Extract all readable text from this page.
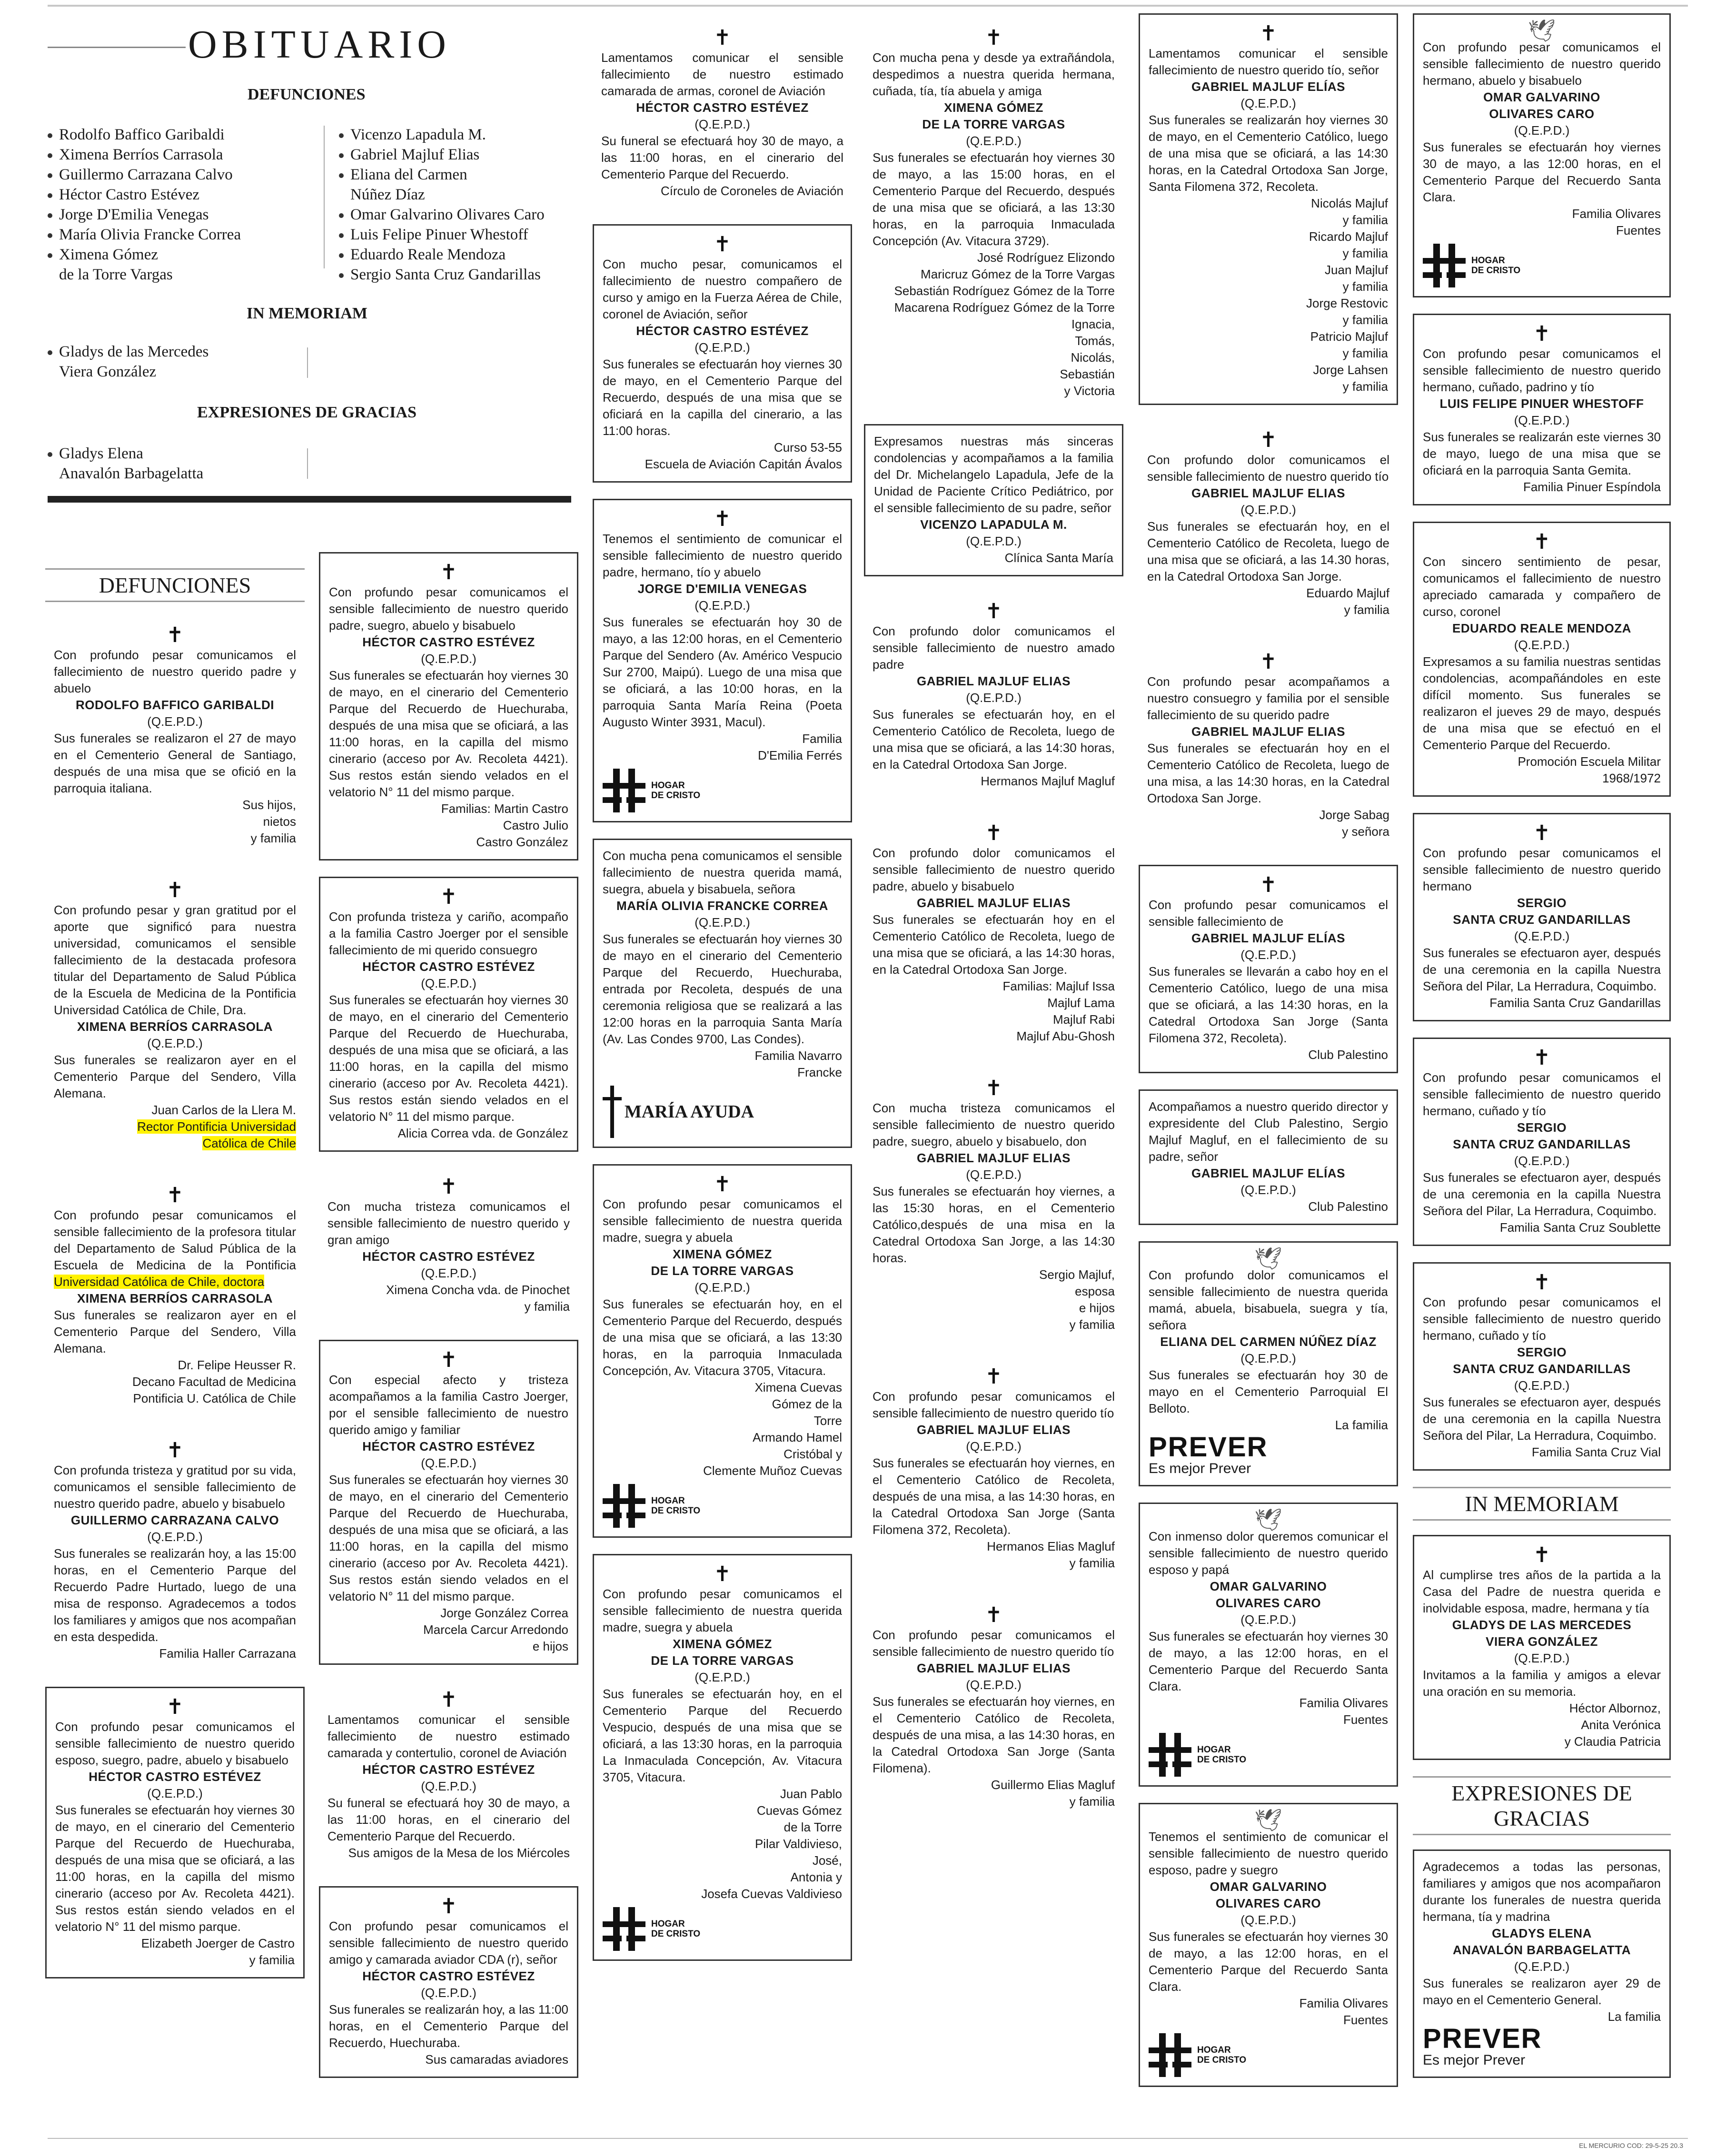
OBITUARIO
DEFUNCIONES
Rodolfo Baffico Garibaldi
Ximena Berríos Carrasola
Guillermo Carrazana Calvo
Héctor Castro Estévez
Jorge D'Emilia Venegas
María Olivia Francke Correa
Ximena Gómez
de la Torre Vargas
Vicenzo Lapadula M.
Gabriel Majluf Elias
Eliana del Carmen
Núñez Díaz
Omar Galvarino Olivares Caro
Luis Felipe Pinuer Whestoff
Eduardo Reale Mendoza
Sergio Santa Cruz Gandarillas
IN MEMORIAM
Gladys de las Mercedes
Viera González
EXPRESIONES DE GRACIAS
Gladys Elena
Anavalón Barbagelatta
DEFUNCIONES
✝
Con profundo pesar comunicamos el fallecimiento de nuestro querido padre y abuelo
RODOLFO BAFFICO GARIBALDI
(Q.E.P.D.)
Sus funerales se realizaron el 27 de mayo en el Cementerio General de Santiago, después de una misa que se ofició en la parroquia italiana.
Sus hijos,
nietos
y familia
✝
Con profundo pesar y gran gratitud por el aporte que significó para nuestra universidad, comunicamos el sensible fallecimiento de la destacada profesora titular del Departamento de Salud Pública de la Escuela de Medicina de la Pontificia Universidad Católica de Chile, Dra.
XIMENA BERRÍOS CARRASOLA
(Q.E.P.D.)
Sus funerales se realizaron ayer en el Cementerio Parque del Sendero, Villa Alemana.
Juan Carlos de la Llera M.
Rector Pontificia Universidad
Católica de Chile
✝
Con profundo pesar comunicamos el sensible fallecimiento de la profesora titular del Departamento de Salud Pública de la Escuela de Medicina de la Pontificia Universidad Católica de Chile, doctora
XIMENA BERRÍOS CARRASOLA
Sus funerales se realizaron ayer en el Cementerio Parque del Sendero, Villa Alemana.
Dr. Felipe Heusser R.
Decano Facultad de Medicina
Pontificia U. Católica de Chile
✝
Con profunda tristeza y gratitud por su vida, comunicamos el sensible fallecimiento de nuestro querido padre, abuelo y bisabuelo
GUILLERMO CARRAZANA CALVO
(Q.E.P.D.)
Sus funerales se realizarán hoy, a las 15:00 horas, en el Cementerio Parque del Recuerdo Padre Hurtado, luego de una misa de responso. Agradecemos a todos los familiares y amigos que nos acompañan en esta despedida.
Familia Haller Carrazana
✝
Con profundo pesar comunicamos el sensible fallecimiento de nuestro querido esposo, suegro, padre, abuelo y bisabuelo
HÉCTOR CASTRO ESTÉVEZ
(Q.E.P.D.)
Sus funerales se efectuarán hoy viernes 30 de mayo, en el cinerario del Cementerio Parque del Recuerdo de Huechuraba, después de una misa que se oficiará, a las 11:00 horas, en la capilla del mismo cinerario (acceso por Av. Recoleta 4421). Sus restos están siendo velados en el velatorio N° 11 del mismo parque.
Elizabeth Joerger de Castro
y familia
✝
Con profundo pesar comunicamos el sensible fallecimiento de nuestro querido padre, suegro, abuelo y bisabuelo
HÉCTOR CASTRO ESTÉVEZ
(Q.E.P.D.)
Sus funerales se efectuarán hoy viernes 30 de mayo, en el cinerario del Cementerio Parque del Recuerdo de Huechuraba, después de una misa que se oficiará, a las 11:00 horas, en la capilla del mismo cinerario (acceso por Av. Recoleta 4421). Sus restos están siendo velados en el velatorio N° 11 del mismo parque.
Familias: Martin Castro
Castro Julio
Castro González
✝
Con profunda tristeza y cariño, acompaño a la familia Castro Joerger por el sensible fallecimiento de mi querido consuegro
HÉCTOR CASTRO ESTÉVEZ
(Q.E.P.D.)
Sus funerales se efectuarán hoy viernes 30 de mayo, en el cinerario del Cementerio Parque del Recuerdo de Huechuraba, después de una misa que se oficiará, a las 11:00 horas, en la capilla del mismo cinerario (acceso por Av. Recoleta 4421). Sus restos están siendo velados en el velatorio N° 11 del mismo parque.
Alicia Correa vda. de González
✝
Con mucha tristeza comunicamos el sensible fallecimiento de nuestro querido y gran amigo
HÉCTOR CASTRO ESTÉVEZ
(Q.E.P.D.)
Ximena Concha vda. de Pinochet
y familia
✝
Con especial afecto y tristeza acompañamos a la familia Castro Joerger, por el sensible fallecimiento de nuestro querido amigo y familiar
HÉCTOR CASTRO ESTÉVEZ
(Q.E.P.D.)
Sus funerales se efectuarán hoy viernes 30 de mayo, en el cinerario del Cementerio Parque del Recuerdo de Huechuraba, después de una misa que se oficiará, a las 11:00 horas, en la capilla del mismo cinerario (acceso por Av. Recoleta 4421). Sus restos están siendo velados en el velatorio N° 11 del mismo parque.
Jorge González Correa
Marcela Carcur Arredondo
e hijos
✝
Lamentamos comunicar el sensible fallecimiento de nuestro estimado camarada y contertulio, coronel de Aviación
HÉCTOR CASTRO ESTÉVEZ
(Q.E.P.D.)
Su funeral se efectuará hoy 30 de mayo, a las 11:00 horas, en el cinerario del Cementerio Parque del Recuerdo.
Sus amigos de la Mesa de los Miércoles
✝
Con profundo pesar comunicamos el sensible fallecimiento de nuestro querido amigo y camarada aviador CDA (r), señor
HÉCTOR CASTRO ESTÉVEZ
(Q.E.P.D.)
Sus funerales se realizarán hoy, a las 11:00 horas, en el Cementerio Parque del Recuerdo, Huechuraba.
Sus camaradas aviadores
✝
Lamentamos comunicar el sensible fallecimiento de nuestro estimado camarada de armas, coronel de Aviación
HÉCTOR CASTRO ESTÉVEZ
(Q.E.P.D.)
Su funeral se efectuará hoy 30 de mayo, a las 11:00 horas, en el cinerario del Cementerio Parque del Recuerdo.
Círculo de Coroneles de Aviación
✝
Con mucho pesar, comunicamos el fallecimiento de nuestro compañero de curso y amigo en la Fuerza Aérea de Chile, coronel de Aviación, señor
HÉCTOR CASTRO ESTÉVEZ
(Q.E.P.D.)
Sus funerales se efectuarán hoy viernes 30 de mayo, en el Cementerio Parque del Recuerdo, después de una misa que se oficiará en la capilla del cinerario, a las 11:00 horas.
Curso 53-55
Escuela de Aviación Capitán Ávalos
✝
Tenemos el sentimiento de comunicar el sensible fallecimiento de nuestro querido padre, hermano, tío y abuelo
JORGE D'EMILIA VENEGAS
(Q.E.P.D.)
Sus funerales se efectuarán hoy 30 de mayo, a las 12:00 horas, en el Cementerio Parque del Sendero (Av. Américo Vespucio Sur 2700, Maipú). Luego de una misa que se oficiará, a las 10:00 horas, en la parroquia Santa María Reina (Poeta Augusto Winter 3931, Macul).
Familia
D'Emilia Ferrés
HOGAR
DE CRISTO
Con mucha pena comunicamos el sensible fallecimiento de nuestra querida mamá, suegra, abuela y bisabuela, señora
MARÍA OLIVIA FRANCKE CORREA
(Q.E.P.D.)
Sus funerales se efectuarán hoy viernes 30 de mayo en el cinerario del Cementerio Parque del Recuerdo, Huechuraba, entrada por Recoleta, después de una ceremonia religiosa que se realizará a las 12:00 horas en la parroquia Santa María (Av. Las Condes 9700, Las Condes).
Familia Navarro
Francke
MARÍA AYUDA
✝
Con profundo pesar comunicamos el sensible fallecimiento de nuestra querida madre, suegra y abuela
XIMENA GÓMEZ
DE LA TORRE VARGAS
(Q.E.P.D.)
Sus funerales se efectuarán hoy, en el Cementerio Parque del Recuerdo, después de una misa que se oficiará, a las 13:30 horas, en la parroquia Inmaculada Concepción, Av. Vitacura 3705, Vitacura.
Ximena Cuevas
Gómez de la
Torre
Armando Hamel
Cristóbal y
Clemente Muñoz Cuevas
HOGAR
DE CRISTO
✝
Con profundo pesar comunicamos el sensible fallecimiento de nuestra querida madre, suegra y abuela
XIMENA GÓMEZ
DE LA TORRE VARGAS
(Q.E.P.D.)
Sus funerales se efectuarán hoy, en el Cementerio Parque del Recuerdo Vespucio, después de una misa que se oficiará, a las 13:30 horas, en la parroquia La Inmaculada Concepción, Av. Vitacura 3705, Vitacura.
Juan Pablo
Cuevas Gómez
de la Torre
Pilar Valdivieso,
José,
Antonia y
Josefa Cuevas Valdivieso
HOGAR
DE CRISTO
✝
Con mucha pena y desde ya extrañándola, despedimos a nuestra querida hermana, cuñada, tía, tía abuela y amiga
XIMENA GÓMEZ
DE LA TORRE VARGAS
(Q.E.P.D.)
Sus funerales se efectuarán hoy viernes 30 de mayo, a las 15:00 horas, en el Cementerio Parque del Recuerdo, después de una misa que se oficiará, a las 13:30 horas, en la parroquia Inmaculada Concepción (Av. Vitacura 3729).
José Rodríguez Elizondo
Maricruz Gómez de la Torre Vargas
Sebastián Rodríguez Gómez de la Torre
Macarena Rodríguez Gómez de la Torre
Ignacia,
Tomás,
Nicolás,
Sebastián
y Victoria
Expresamos nuestras más sinceras condolencias y acompañamos a la familia del Dr. Michelangelo Lapadula, Jefe de la Unidad de Paciente Crítico Pediátrico, por el sensible fallecimiento de su padre, señor
VICENZO LAPADULA M.
(Q.E.P.D.)
Clínica Santa María
✝
Con profundo dolor comunicamos el sensible fallecimiento de nuestro amado padre
GABRIEL MAJLUF ELIAS
(Q.E.P.D.)
Sus funerales se efectuarán hoy, en el Cementerio Católico de Recoleta, luego de una misa que se oficiará, a las 14:30 horas, en la Catedral Ortodoxa San Jorge.
Hermanos Majluf Magluf
✝
Con profundo dolor comunicamos el sensible fallecimiento de nuestro querido padre, abuelo y bisabuelo
GABRIEL MAJLUF ELIAS
Sus funerales se efectuarán hoy en el Cementerio Católico de Recoleta, luego de una misa que se oficiará, a las 14:30 horas, en la Catedral Ortodoxa San Jorge.
Familias: Majluf Issa
Majluf Lama
Majluf Rabi
Majluf Abu-Ghosh
✝
Con mucha tristeza comunicamos el sensible fallecimiento de nuestro querido padre, suegro, abuelo y bisabuelo, don
GABRIEL MAJLUF ELIAS
(Q.E.P.D.)
Sus funerales se efectuarán hoy viernes, a las 15:30 horas, en el Cementerio Católico,después de una misa en la Catedral Ortodoxa San Jorge, a las 14:30 horas.
Sergio Majluf,
esposa
e hijos
y familia
✝
Con profundo pesar comunicamos el sensible fallecimiento de nuestro querido tío
GABRIEL MAJLUF ELIAS
(Q.E.P.D.)
Sus funerales se efectuarán hoy viernes, en el Cementerio Católico de Recoleta, después de una misa, a las 14:30 horas, en la Catedral Ortodoxa San Jorge (Santa Filomena 372, Recoleta).
Hermanos Elias Magluf
y familia
✝
Con profundo pesar comunicamos el sensible fallecimiento de nuestro querido tío
GABRIEL MAJLUF ELIAS
(Q.E.P.D.)
Sus funerales se efectuarán hoy viernes, en el Cementerio Católico de Recoleta, después de una misa, a las 14:30 horas, en la Catedral Ortodoxa San Jorge (Santa Filomena).
Guillermo Elias Magluf
y familia
✝
Lamentamos comunicar el sensible fallecimiento de nuestro querido tío, señor
GABRIEL MAJLUF ELÍAS
(Q.E.P.D.)
Sus funerales se realizarán hoy viernes 30 de mayo, en el Cementerio Católico, luego de una misa que se oficiará, a las 14:30 horas, en la Catedral Ortodoxa San Jorge, Santa Filomena 372, Recoleta.
Nicolás Majluf
y familia
Ricardo Majluf
y familia
Juan Majluf
y familia
Jorge Restovic
y familia
Patricio Majluf
y familia
Jorge Lahsen
y familia
✝
Con profundo dolor comunicamos el sensible fallecimiento de nuestro querido tío
GABRIEL MAJLUF ELIAS
(Q.E.P.D.)
Sus funerales se efectuarán hoy, en el Cementerio Católico de Recoleta, luego de una misa que se oficiará, a las 14.30 horas, en la Catedral Ortodoxa San Jorge.
Eduardo Majluf
y familia
✝
Con profundo pesar acompañamos a nuestro consuegro y familia por el sensible fallecimiento de su querido padre
GABRIEL MAJLUF ELIAS
Sus funerales se efectuarán hoy en el Cementerio Católico de Recoleta, luego de una misa, a las 14:30 horas, en la Catedral Ortodoxa San Jorge.
Jorge Sabag
y señora
✝
Con profundo pesar comunicamos el sensible fallecimiento de
GABRIEL MAJLUF ELÍAS
(Q.E.P.D.)
Sus funerales se llevarán a cabo hoy en el Cementerio Católico, luego de una misa que se oficiará, a las 14:30 horas, en la Catedral Ortodoxa San Jorge (Santa Filomena 372, Recoleta).
Club Palestino
Acompañamos a nuestro querido director y expresidente del Club Palestino, Sergio Majluf Magluf, en el fallecimiento de su padre, señor
GABRIEL MAJLUF ELÍAS
(Q.E.P.D.)
Club Palestino
🕊
Con profundo dolor comunicamos el sensible fallecimiento de nuestra querida mamá, abuela, bisabuela, suegra y tía, señora
ELIANA DEL CARMEN NÚÑEZ DÍAZ
(Q.E.P.D.)
Sus funerales se efectuarán hoy 30 de mayo en el Cementerio Parroquial El Belloto.
La familia
PREVER
Es mejor Prever
🕊
Con inmenso dolor queremos comunicar el sensible fallecimiento de nuestro querido esposo y papá
OMAR GALVARINO
OLIVARES CARO
(Q.E.P.D.)
Sus funerales se efectuarán hoy viernes 30 de mayo, a las 12:00 horas, en el Cementerio Parque del Recuerdo Santa Clara.
Familia Olivares
Fuentes
HOGAR
DE CRISTO
🕊
Tenemos el sentimiento de comunicar el sensible fallecimiento de nuestro querido esposo, padre y suegro
OMAR GALVARINO
OLIVARES CARO
(Q.E.P.D.)
Sus funerales se efectuarán hoy viernes 30 de mayo, a las 12:00 horas, en el Cementerio Parque del Recuerdo Santa Clara.
Familia Olivares
Fuentes
HOGAR
DE CRISTO
🕊
Con profundo pesar comunicamos el sensible fallecimiento de nuestro querido hermano, abuelo y bisabuelo
OMAR GALVARINO
OLIVARES CARO
(Q.E.P.D.)
Sus funerales se efectuarán hoy viernes 30 de mayo, a las 12:00 horas, en el Cementerio Parque del Recuerdo Santa Clara.
Familia Olivares
Fuentes
HOGAR
DE CRISTO
✝
Con profundo pesar comunicamos el sensible fallecimiento de nuestro querido hermano, cuñado, padrino y tío
LUIS FELIPE PINUER WHESTOFF
(Q.E.P.D.)
Sus funerales se realizarán este viernes 30 de mayo, luego de una misa que se oficiará en la parroquia Santa Gemita.
Familia Pinuer Espíndola
✝
Con sincero sentimiento de pesar, comunicamos el fallecimiento de nuestro apreciado camarada y compañero de curso, coronel
EDUARDO REALE MENDOZA
(Q.E.P.D.)
Expresamos a su familia nuestras sentidas condolencias, acompañándoles en este difícil momento. Sus funerales se realizaron el jueves 29 de mayo, después de una misa que se efectuó en el Cementerio Parque del Recuerdo.
Promoción Escuela Militar
1968/1972
✝
Con profundo pesar comunicamos el sensible fallecimiento de nuestro querido hermano
SERGIO
SANTA CRUZ GANDARILLAS
(Q.E.P.D.)
Sus funerales se efectuaron ayer, después de una ceremonia en la capilla Nuestra Señora del Pilar, La Herradura, Coquimbo.
Familia Santa Cruz Gandarillas
✝
Con profundo pesar comunicamos el sensible fallecimiento de nuestro querido hermano, cuñado y tío
SERGIO
SANTA CRUZ GANDARILLAS
(Q.E.P.D.)
Sus funerales se efectuaron ayer, después de una ceremonia en la capilla Nuestra Señora del Pilar, La Herradura, Coquimbo.
Familia Santa Cruz Soublette
✝
Con profundo pesar comunicamos el sensible fallecimiento de nuestro querido hermano, cuñado y tío
SERGIO
SANTA CRUZ GANDARILLAS
(Q.E.P.D.)
Sus funerales se efectuaron ayer, después de una ceremonia en la capilla Nuestra Señora del Pilar, La Herradura, Coquimbo.
Familia Santa Cruz Vial
IN MEMORIAM
✝
Al cumplirse tres años de la partida a la Casa del Padre de nuestra querida e inolvidable esposa, madre, hermana y tía
GLADYS DE LAS MERCEDES
VIERA GONZÁLEZ
(Q.E.P.D.)
Invitamos a la familia y amigos a elevar una oración en su memoria.
Héctor Albornoz,
Anita Verónica
y Claudia Patricia
EXPRESIONES DE GRACIAS
Agradecemos a todas las personas, familiares y amigos que nos acompañaron durante los funerales de nuestra querida hermana, tía y madrina
GLADYS ELENA
ANAVALÓN BARBAGELATTA
(Q.E.P.D.)
Sus funerales se realizaron ayer 29 de mayo en el Cementerio General.
La familia
PREVER
Es mejor Prever
EL MERCURIO COD: 29-5-25 20.3
